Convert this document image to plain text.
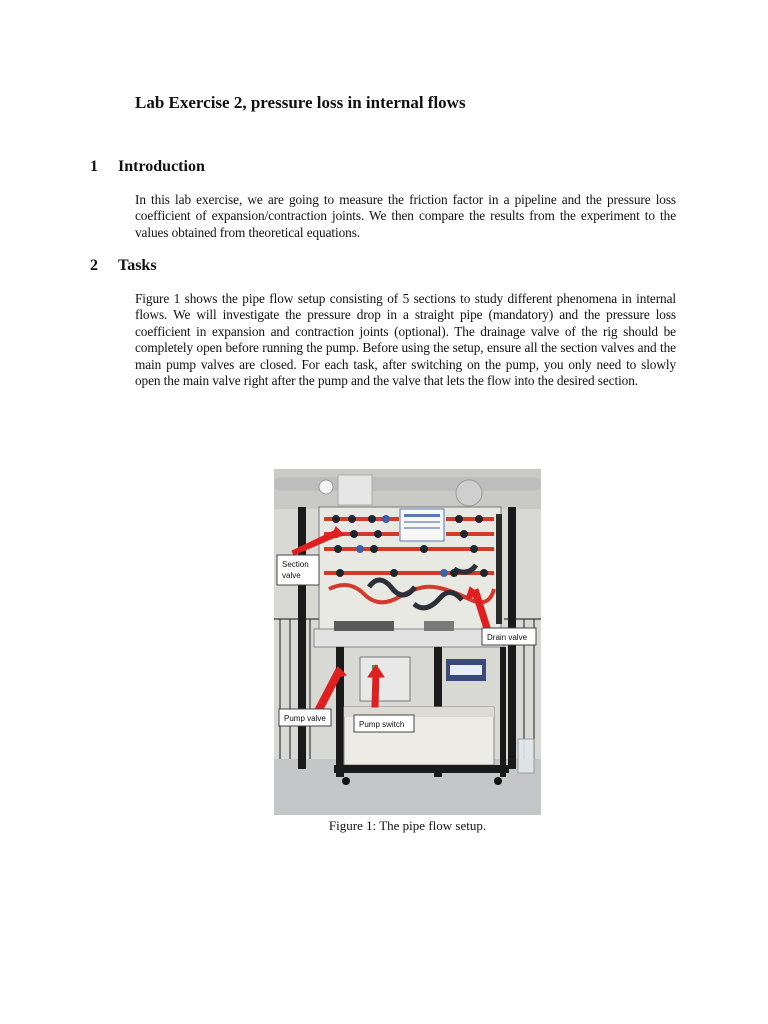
Lab Exercise 2, pressure loss in internal flows
1	Introduction

In this lab exercise, we are going to measure the friction factor in a pipeline and the pressure loss coefficient of expansion/contraction joints. We then compare the results from the experiment to the values obtained from theoretical equations.

2	Tasks

Figure 1 shows the pipe flow setup consisting of 5 sections to study different phenomena in internal flows. We will investigate the pressure drop in a straight pipe (mandatory) and the pressure loss coefficient in expansion and contraction joints (optional). The drainage valve of the rig should be completely open before running the pump. Before using the setup, ensure all the section valves and the main pump valves are closed. For each task, after switching on the pump, you only need to slowly open the main valve right after the pump and the valve that lets the flow into the desired section.

Section
valve
Drain valve
Pump valve
Pump switch

Figure 1: The pipe flow setup.
